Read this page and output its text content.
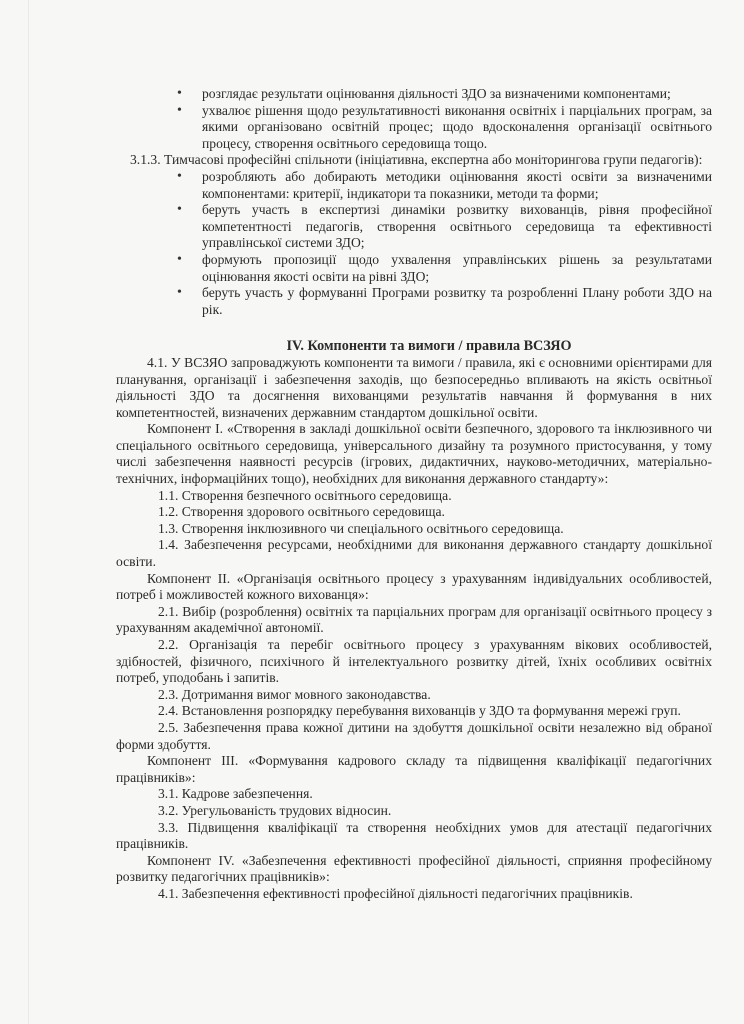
• розглядає результати оцінювання діяльності ЗДО за визначеними компонентами;
• ухвалює рішення щодо результативності виконання освітніх і парціальних програм, за якими організовано освітній процес; щодо вдосконалення організації освітнього процесу, створення освітнього середовища тощо.

3.1.3. Тимчасові професійні спільноти (ініціативна, експертна або моніторингова групи педагогів):

• розробляють або добирають методики оцінювання якості освіти за визначеними компонентами: критерії, індикатори та показники, методи та форми;
• беруть участь в експертизі динаміки розвитку вихованців, рівня професійної компетентності педагогів, створення освітнього середовища та ефективності управлінської системи ЗДО;
• формують пропозиції щодо ухвалення управлінських рішень за результатами оцінювання якості освіти на рівні ЗДО;
• беруть участь у формуванні Програми розвитку та розробленні Плану роботи ЗДО на рік.
IV. Компоненти та вимоги / правила ВСЗЯО

4.1. У ВСЗЯО запроваджують компоненти та вимоги / правила, які є основними орієнтирами для планування, організації і забезпечення заходів, що безпосередньо впливають на якість освітньої діяльності ЗДО та досягнення вихованцями результатів навчання й формування в них компетентностей, визначених державним стандартом дошкільної освіти.

Компонент І. «Створення в закладі дошкільної освіти безпечного, здорового та інклюзивного чи спеціального освітнього середовища, універсального дизайну та розумного пристосування, у тому числі забезпечення наявності ресурсів (ігрових, дидактичних, науково-методичних, матеріально-технічних, інформаційних тощо), необхідних для виконання державного стандарту»:

1.1. Створення безпечного освітнього середовища.

1.2. Створення здорового освітнього середовища.

1.3. Створення інклюзивного чи спеціального освітнього середовища.

1.4. Забезпечення ресурсами, необхідними для виконання державного стандарту дошкільної освіти.

Компонент ІІ. «Організація освітнього процесу з урахуванням індивідуальних особливостей, потреб і можливостей кожного вихованця»:

2.1. Вибір (розроблення) освітніх та парціальних програм для організації освітнього процесу з урахуванням академічної автономії.

2.2. Організація та перебіг освітнього процесу з урахуванням вікових особливостей, здібностей, фізичного, психічного й інтелектуального розвитку дітей, їхніх особливих освітніх потреб, уподобань і запитів.

2.3. Дотримання вимог мовного законодавства.

2.4. Встановлення розпорядку перебування вихованців у ЗДО та формування мережі груп.

2.5. Забезпечення права кожної дитини на здобуття дошкільної освіти незалежно від обраної форми здобуття.

Компонент ІІІ. «Формування кадрового складу та підвищення кваліфікації педагогічних працівників»:

3.1. Кадрове забезпечення.

3.2. Урегульованість трудових відносин.

3.3. Підвищення кваліфікації та створення необхідних умов для атестації педагогічних працівників.

Компонент IV. «Забезпечення ефективності професійної діяльності, сприяння професійному розвитку педагогічних працівників»:

4.1. Забезпечення ефективності професійної діяльності педагогічних працівників.
